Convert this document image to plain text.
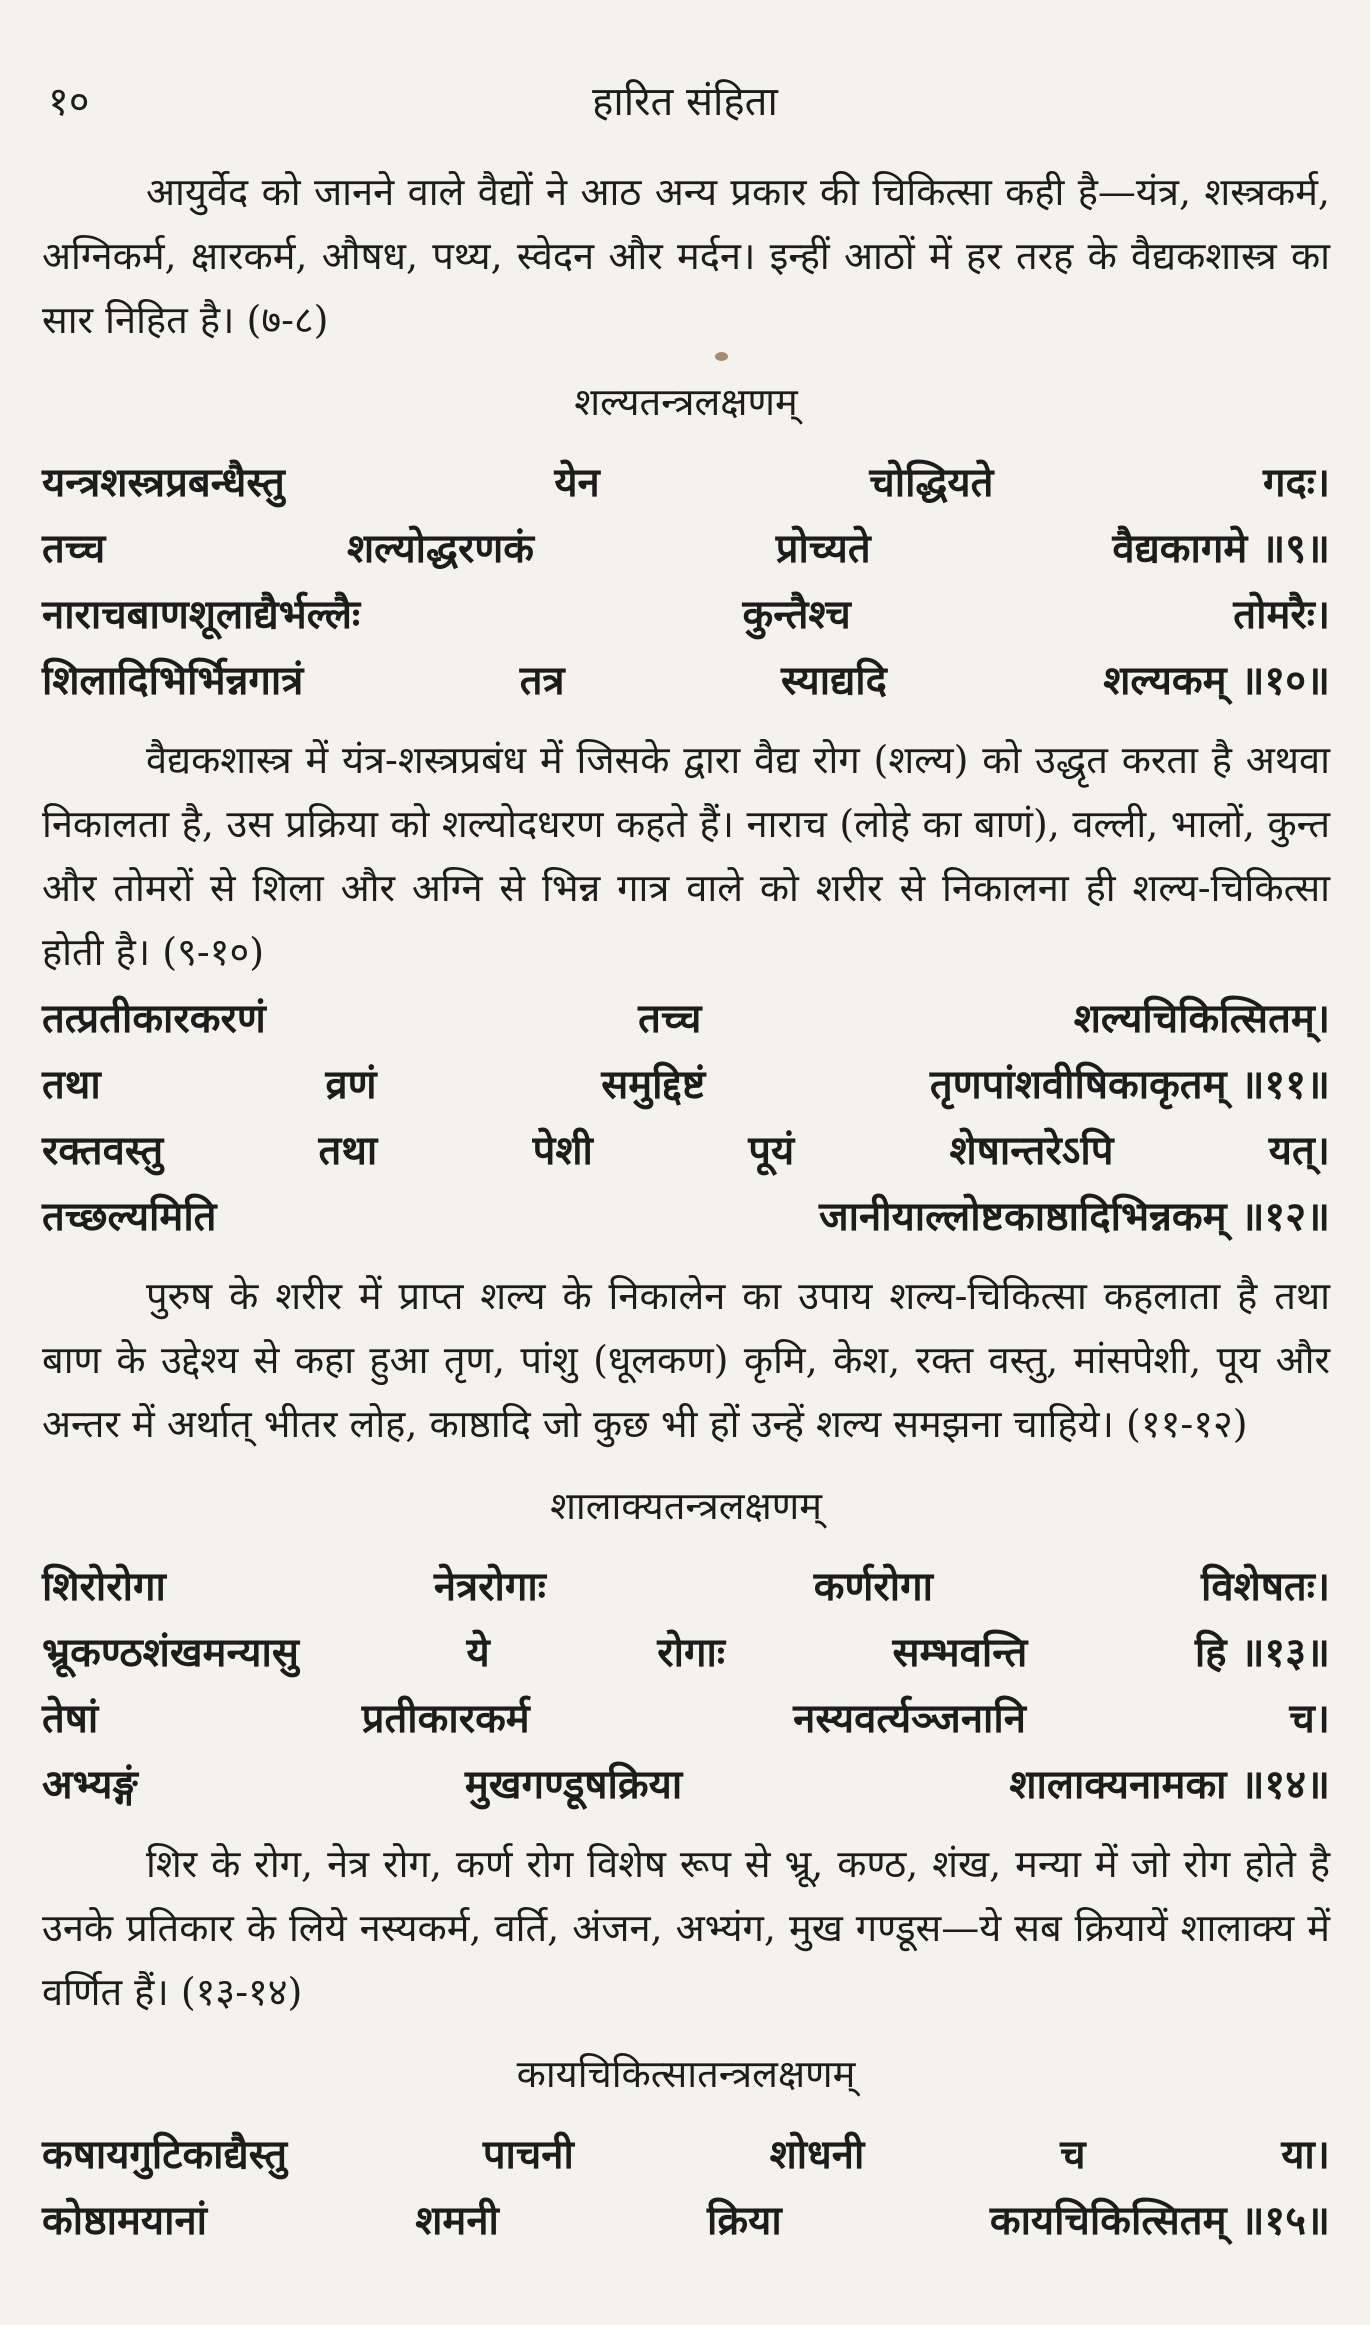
१०	हारित संहिता

आयुर्वेद को जानने वाले वैद्यों ने आठ अन्य प्रकार की चिकित्सा कही है—यंत्र, शस्त्रकर्म, अग्निकर्म, क्षारकर्म, औषध, पथ्य, स्वेदन और मर्दन। इन्हीं आठों में हर तरह के वैद्यकशास्त्र का सार निहित है। (७-८)

शल्यतन्त्रलक्षणम्
यन्त्रशस्त्रप्रबन्धैस्तु	येन	चोद्धियते	गदः।
तच्च	शल्योद्धरणकं	प्रोच्यते	वैद्यकागमे ॥९॥
नाराचबाणशूलाद्यैर्भल्लैः	कुन्तैश्च	तोमरैः।
शिलादिभिर्भिन्नगात्रं	तत्र	स्याद्यदि	शल्यकम् ॥१०॥

वैद्यकशास्त्र में यंत्र-शस्त्रप्रबंध में जिसके द्वारा वैद्य रोग (शल्य) को उद्धृत करता है अथवा निकालता है, उस प्रक्रिया को शल्योदधरण कहते हैं। नाराच (लोहे का बाणं), वल्ली, भालों, कुन्त और तोमरों से शिला और अग्नि से भिन्न गात्र वाले को शरीर से निकालना ही शल्य-चिकित्सा होती है। (९-१०)

तत्प्रतीकारकरणं	तच्च	शल्यचिकित्सितम्।
तथा	व्रणं	समुद्दिष्टं	तृणपांशवीषिकाकृतम् ॥११॥
रक्तवस्तु	तथा	पेशी	पूयं	शेषान्तरेऽपि	यत्।
तच्छल्यमिति	जानीयाल्लोष्टकाष्ठादिभिन्नकम् ॥१२॥

पुरुष के शरीर में प्राप्त शल्य के निकालेन का उपाय शल्य-चिकित्सा कहलाता है तथा बाण के उद्देश्य से कहा हुआ तृण, पांशु (धूलकण) कृमि, केश, रक्त वस्तु, मांसपेशी, पूय और अन्तर में अर्थात् भीतर लोह, काष्ठादि जो कुछ भी हों उन्हें शल्य समझना चाहिये। (११-१२)

शालाक्यतन्त्रलक्षणम्
शिरोरोगा	नेत्ररोगाः	कर्णरोगा	विशेषतः।
भ्रूकण्ठशंखमन्यासु	ये	रोगाः	सम्भवन्ति	हि ॥१३॥
तेषां	प्रतीकारकर्म	नस्यवर्त्यञ्जनानि	च।
अभ्यङ्गं	मुखगण्डूषक्रिया	शालाक्यनामका ॥१४॥

शिर के रोग, नेत्र रोग, कर्ण रोग विशेष रूप से भ्रू, कण्ठ, शंख, मन्या में जो रोग होते है उनके प्रतिकार के लिये नस्यकर्म, वर्ति, अंजन, अभ्यंग, मुख गण्डूस—ये सब क्रियायें शालाक्य में वर्णित हैं। (१३-१४)

कायचिकित्सातन्त्रलक्षणम्
कषायगुटिकाद्यैस्तु	पाचनी	शोधनी	च	या।
कोष्ठामयानां	शमनी	क्रिया	कायचिकित्सितम् ॥१५॥
